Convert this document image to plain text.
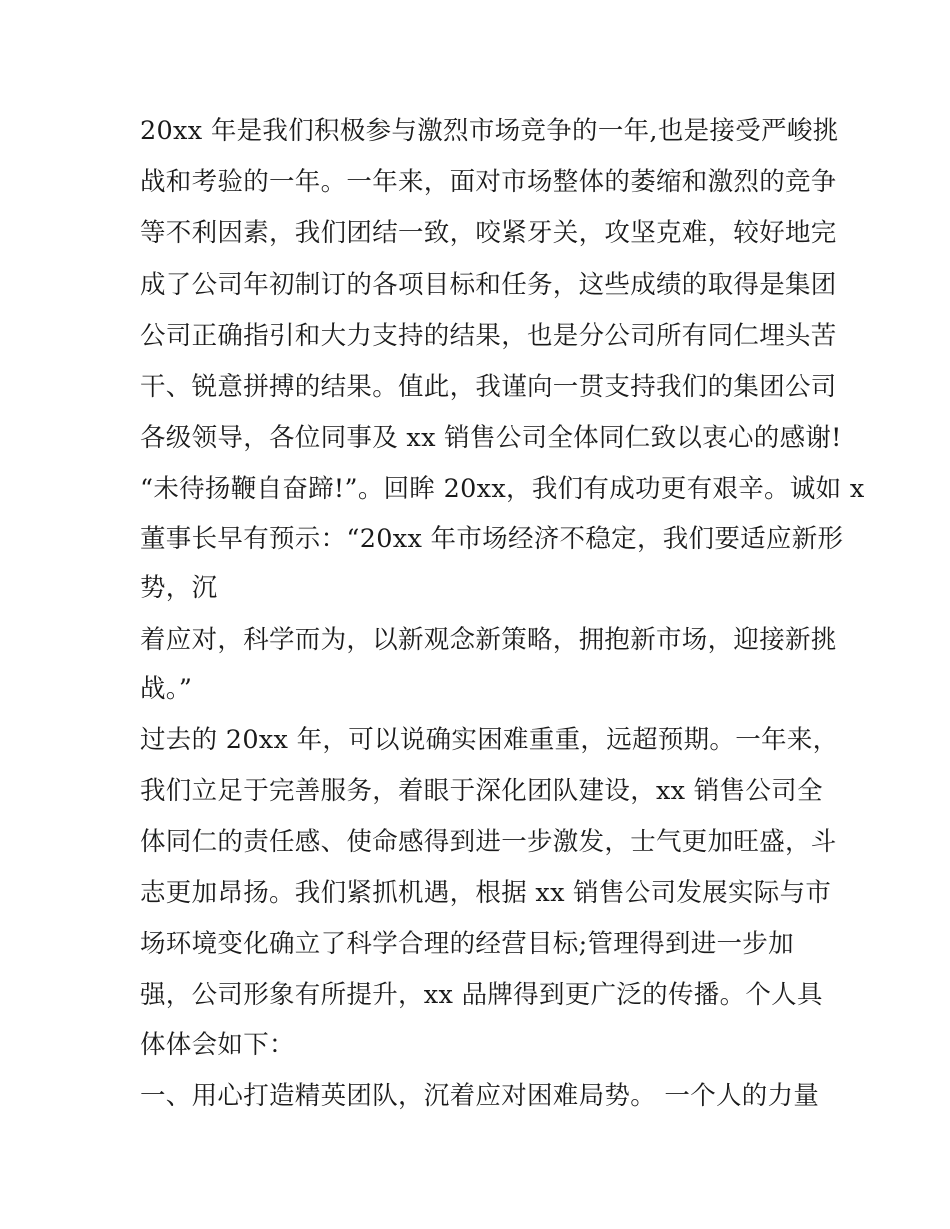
20xx 年是我们积极参与激烈市场竞争的一年,也是接受严峻挑

战和考验的一年。一年来，面对市场整体的萎缩和激烈的竞争

等不利因素，我们团结一致，咬紧牙关，攻坚克难，较好地完

成了公司年初制订的各项目标和任务，这些成绩的取得是集团

公司正确指引和大力支持的结果，也是分公司所有同仁埋头苦

干、锐意拼搏的结果。值此，我谨向一贯支持我们的集团公司

各级领导，各位同事及 xx 销售公司全体同仁致以衷心的感谢!

“未待扬鞭自奋蹄!”。回眸 20xx，我们有成功更有艰辛。诚如 x

董事长早有预示：“20xx 年市场经济不稳定，我们要适应新形

势，沉

着应对，科学而为，以新观念新策略，拥抱新市场，迎接新挑

战。”

过去的 20xx 年，可以说确实困难重重，远超预期。一年来，

我们立足于完善服务，着眼于深化团队建设，xx 销售公司全

体同仁的责任感、使命感得到进一步激发，士气更加旺盛，斗

志更加昂扬。我们紧抓机遇，根据 xx 销售公司发展实际与市

场环境变化确立了科学合理的经营目标;管理得到进一步加

强，公司形象有所提升，xx 品牌得到更广泛的传播。个人具

体体会如下：

一、用心打造精英团队，沉着应对困难局势。 一个人的力量
